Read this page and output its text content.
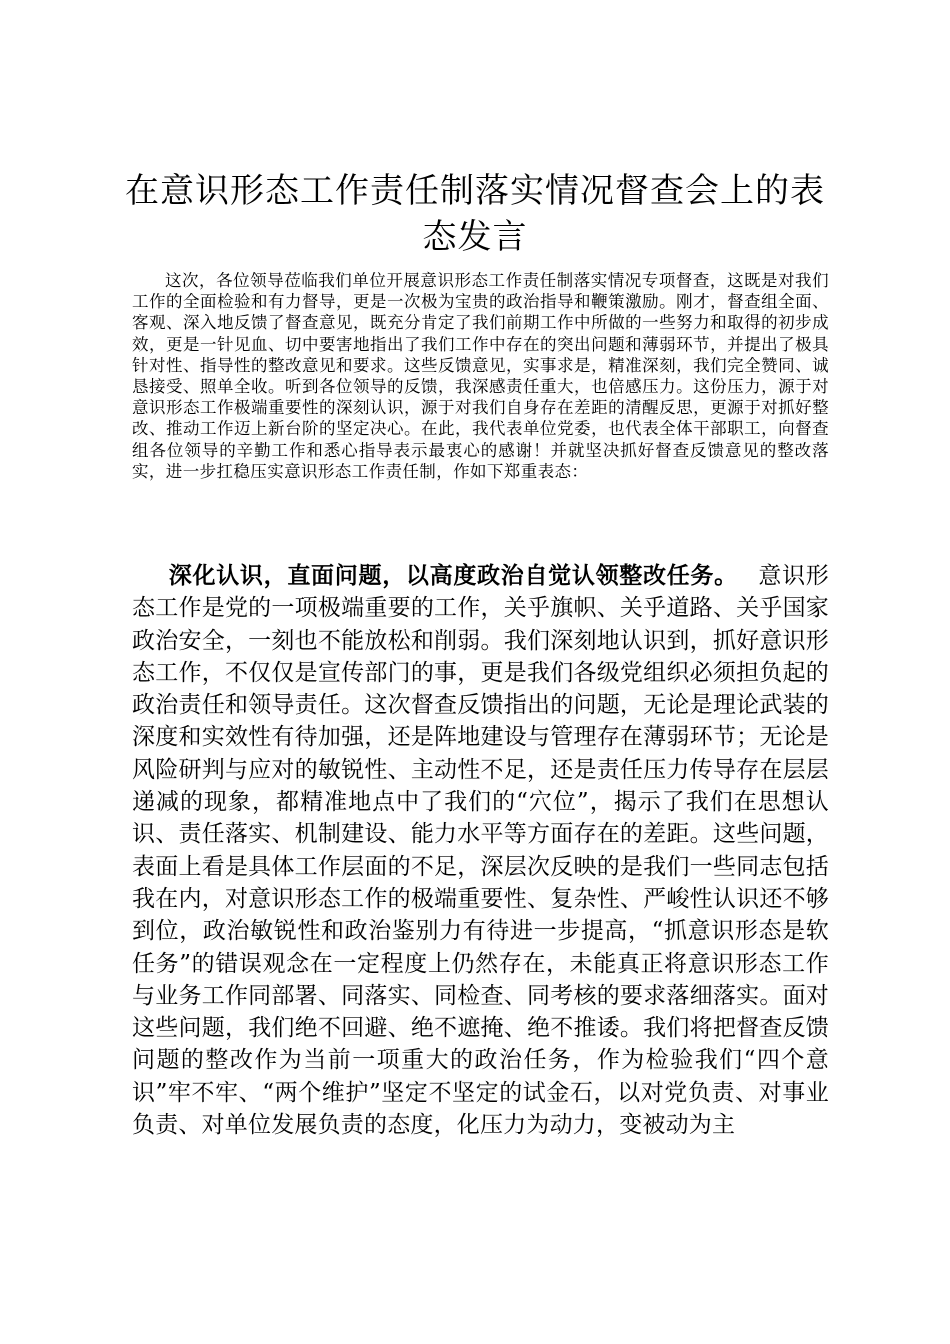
在意识形态工作责任制落实情况督查会上的表态发言

这次，各位领导莅临我们单位开展意识形态工作责任制落实情况专项督查，这既是对我们工作的全面检验和有力督导，更是一次极为宝贵的政治指导和鞭策激励。刚才，督查组全面、客观、深入地反馈了督查意见，既充分肯定了我们前期工作中所做的一些努力和取得的初步成效，更是一针见血、切中要害地指出了我们工作中存在的突出问题和薄弱环节，并提出了极具针对性、指导性的整改意见和要求。这些反馈意见，实事求是，精准深刻，我们完全赞同、诚恳接受、照单全收。听到各位领导的反馈，我深感责任重大，也倍感压力。这份压力，源于对意识形态工作极端重要性的深刻认识，源于对我们自身存在差距的清醒反思，更源于对抓好整改、推动工作迈上新台阶的坚定决心。在此，我代表单位党委，也代表全体干部职工，向督查组各位领导的辛勤工作和悉心指导表示最衷心的感谢！并就坚决抓好督查反馈意见的整改落实，进一步扛稳压实意识形态工作责任制，作如下郑重表态：

深化认识，直面问题，以高度政治自觉认领整改任务。 意识形态工作是党的一项极端重要的工作，关乎旗帜、关乎道路、关乎国家政治安全，一刻也不能放松和削弱。我们深刻地认识到，抓好意识形态工作，不仅仅是宣传部门的事，更是我们各级党组织必须担负起的政治责任和领导责任。这次督查反馈指出的问题，无论是理论武装的深度和实效性有待加强，还是阵地建设与管理存在薄弱环节；无论是风险研判与应对的敏锐性、主动性不足，还是责任压力传导存在层层递减的现象，都精准地点中了我们的“穴位”，揭示了我们在思想认识、责任落实、机制建设、能力水平等方面存在的差距。这些问题，表面上看是具体工作层面的不足，深层次反映的是我们一些同志包括我在内，对意识形态工作的极端重要性、复杂性、严峻性认识还不够到位，政治敏锐性和政治鉴别力有待进一步提高，“抓意识形态是软任务”的错误观念在一定程度上仍然存在，未能真正将意识形态工作与业务工作同部署、同落实、同检查、同考核的要求落细落实。面对这些问题，我们绝不回避、绝不遮掩、绝不推诿。我们将把督查反馈问题的整改作为当前一项重大的政治任务，作为检验我们“四个意识”牢不牢、“两个维护”坚定不坚定的试金石，以对党负责、对事业负责、对单位发展负责的态度，化压力为动力，变被动为主
